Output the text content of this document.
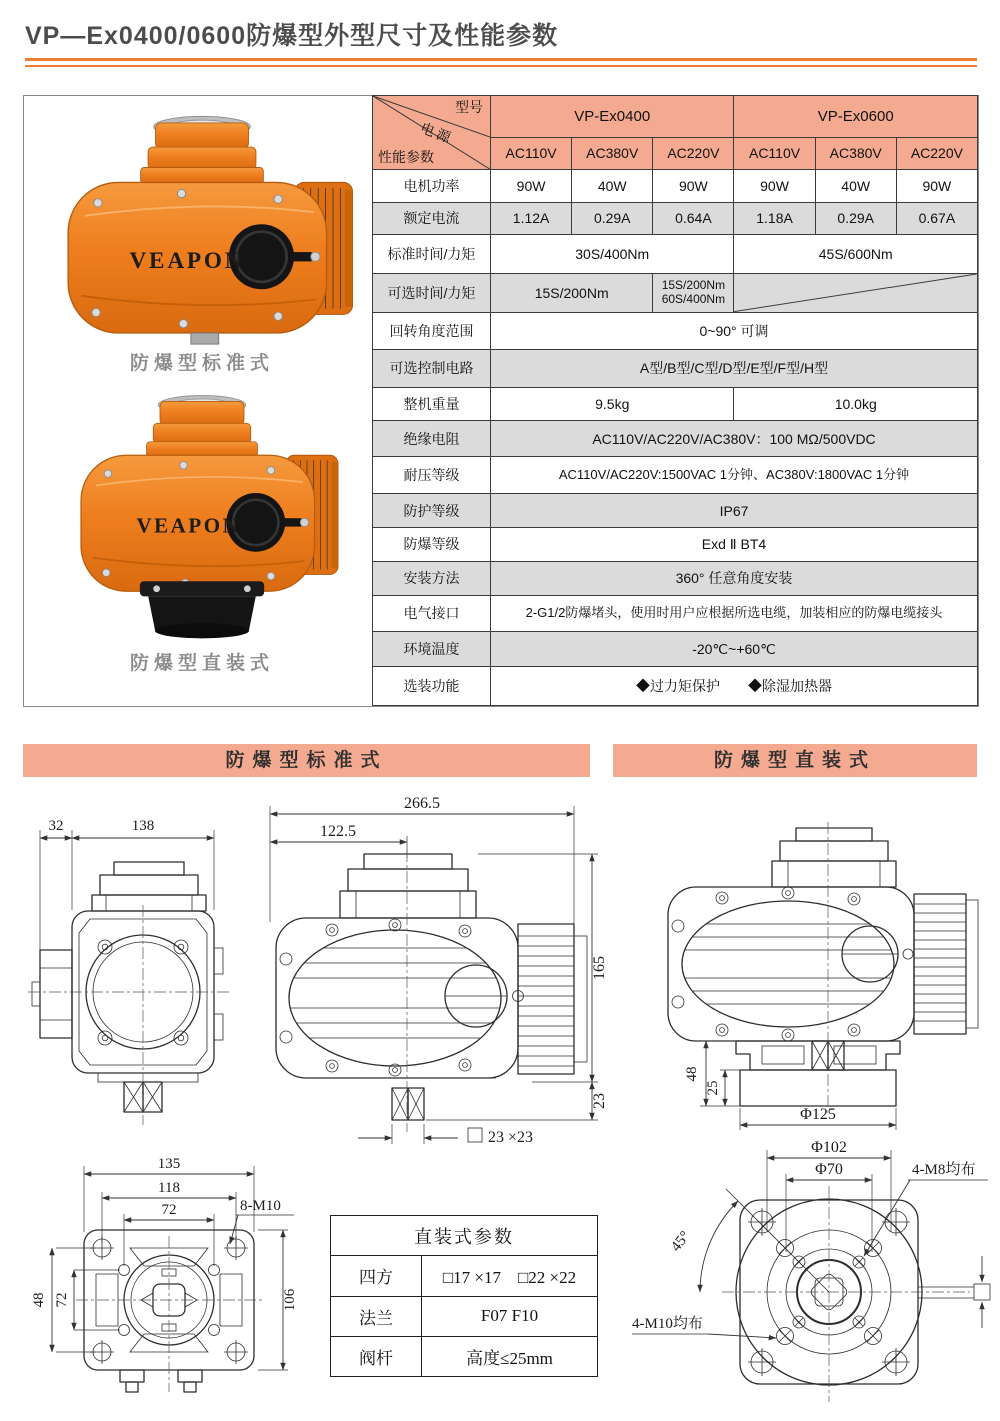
VP—Ex0400/0600防爆型外型尺寸及性能参数
VEAPON
防爆型标准式
VEAPON
防爆型直装式
型号
电源
性能参数	VP-Ex0400			VP-Ex0600		
	AC110V	AC380V	AC220V	AC110V	AC380V	AC220V
电机功率	90W	40W	90W	90W	40W	90W
额定电流	1.12A	0.29A	0.64A	1.18A	0.29A	0.67A
标准时间/力矩	30S/400Nm			45S/600Nm		
可选时间/力矩	15S/200Nm		15S/200Nm
60S/400Nm

回转角度范围	0~90° 可调					
可选控制电路	A型/B型/C型/D型/E型/F型/H型					
整机重量	9.5kg			10.0kg		
绝缘电阻	AC110V/AC220V/AC380V：100 MΩ/500VDC					
耐压等级	AC110V/AC220V:1500VAC 1分钟、AC380V:1800VAC 1分钟					
防护等级	IP67					
防爆等级	Exd Ⅱ BT4					
安装方法	360° 任意角度安装					
电气接口	2-G1/2防爆堵头，使用时用户应根据所选电缆，加装相应的防爆电缆接头					
环境温度	-20℃~+60℃					
选装功能	◆过力矩保护　　◆除湿加热器					
防爆型标准式	防爆型直装式
32	138
266.5
122.5
165
23
23 ×23
48
25
Φ125
135
118
72	8-M10
48 72	106
直装式参数	
四方	□17 ×17　□22 ×22
法兰	F07 F10
阀杆	高度≤25mm
Φ102
Φ70	4-M8均布
45°
4-M10均布
